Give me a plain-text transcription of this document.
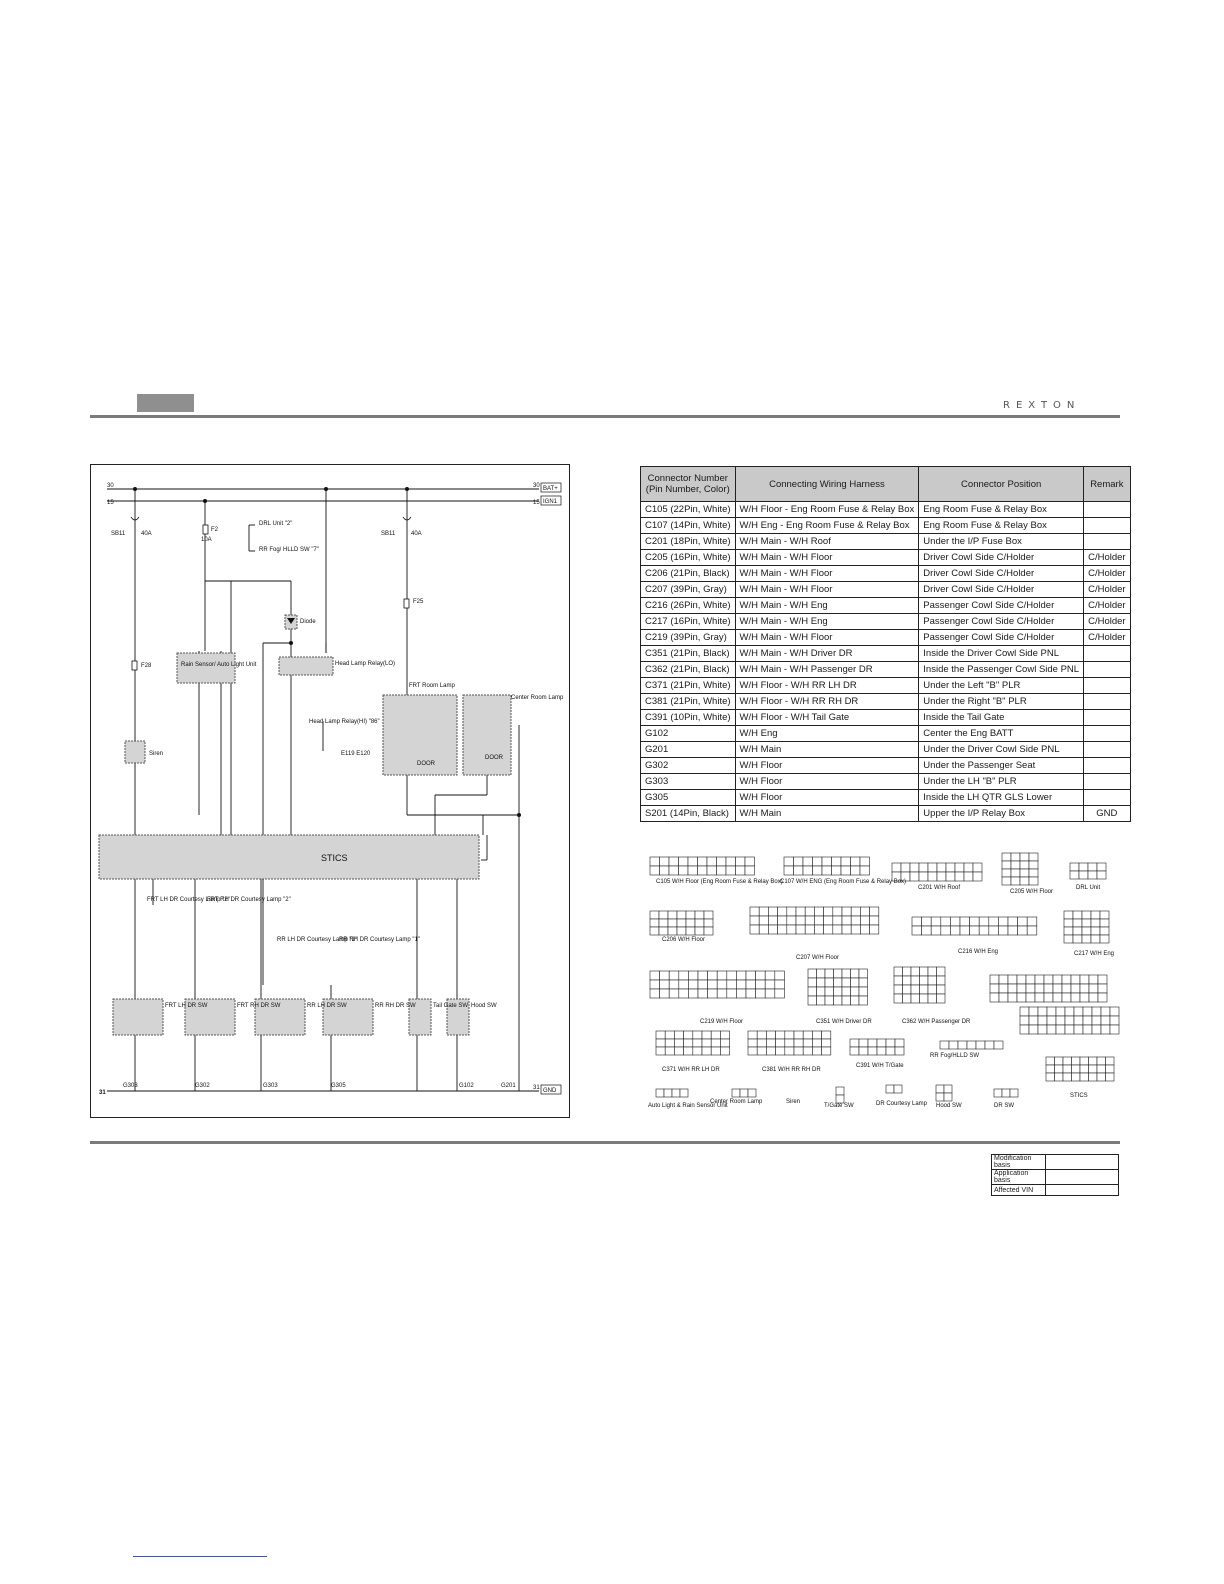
REXTON
30
15
31
30 BAT+
15 IGN1
31 GND
SB11	40A
F2
10A
F28
SB11	40A
F25
Rain Sensor/ Auto Light Unit
Siren
Diode
Head Lamp Relay(LO)
Head Lamp Relay(HI) "86"
E119 E120
DRL Unit "2"
RR Fog/ HLLD SW "7"
FRT Room Lamp
Center Room Lamp
DOOR
DOOR
STICS
FRT LH DR Courtesy Lamp "2"
FRT RH DR Courtesy Lamp "2"
RR LH DR Courtesy Lamp "1"
RR RH DR Courtesy Lamp "1"
FRT LH DR SW	FRT RH DR SW	RR LH DR SW	RR RH DR SW	Tail Gate SW Hood SW
G303	G302	G303	G305	G102	G201
Connector Number (Pin Number, Color)	Connecting Wiring Harness	Connector Position	Remark
C105 (22Pin, White)	W/H Floor - Eng Room Fuse & Relay Box	Eng Room Fuse & Relay Box	
C107 (14Pin, White)	W/H Eng - Eng Room Fuse & Relay Box	Eng Room Fuse & Relay Box	
C201 (18Pin, White)	W/H Main - W/H Roof	Under the I/P Fuse Box	
C205 (16Pin, White)	W/H Main - W/H Floor	Driver Cowl Side C/Holder	C/Holder
C206 (21Pin, Black)	W/H Main - W/H Floor	Driver Cowl Side C/Holder	C/Holder
C207 (39Pin, Gray)	W/H Main - W/H Floor	Driver Cowl Side C/Holder	C/Holder
C216 (26Pin, White)	W/H Main - W/H Eng	Passenger Cowl Side C/Holder	C/Holder
C217 (16Pin, White)	W/H Main - W/H Eng	Passenger Cowl Side C/Holder	C/Holder
C219 (39Pin, Gray)	W/H Main - W/H Floor	Passenger Cowl Side C/Holder	C/Holder
C351 (21Pin, Black)	W/H Main - W/H Driver DR	Inside the Driver Cowl Side PNL	
C362 (21Pin, Black)	W/H Main - W/H Passenger DR	Inside the Passenger Cowl Side PNL	
C371 (21Pin, White)	W/H Floor - W/H RR LH DR	Under the Left "B" PLR	
C381 (21Pin, White)	W/H Floor - W/H RR RH DR	Under the Right "B" PLR	
C391 (10Pin, White)	W/H Floor - W/H Tail Gate	Inside the Tail Gate	
G102	W/H Eng	Center the Eng BATT	
G201	W/H Main	Under the Driver Cowl Side PNL	
G302	W/H Floor	Under the Passenger Seat	
G303	W/H Floor	Under the LH "B" PLR	
G305	W/H Floor	Inside the LH QTR GLS Lower	
S201 (14Pin, Black)	W/H Main	Upper the I/P Relay Box	GND
C105 W/H Floor (Eng Room Fuse & Relay Box)
C107 W/H ENG (Eng Room Fuse & Relay Box)
C201 W/H Roof
C205 W/H Floor
DRL Unit
C206 W/H Floor
C207 W/H Floor
C216 W/H Eng	C217 W/H Eng
C219 W/H Floor	C351 W/H Driver DR	C362 W/H Passenger DR
C371 W/H RR LH DR	C381 W/H RR RH DR
C391 W/H T/Gate
RR Fog/HLLD SW
STICS
Auto Light & Rain Sensor Unit
Center Room Lamp	Siren
T/Gate SW	DR Courtesy Lamp Hood SW	DR SW
Modification basis	
Application basis	
Affected VIN	
